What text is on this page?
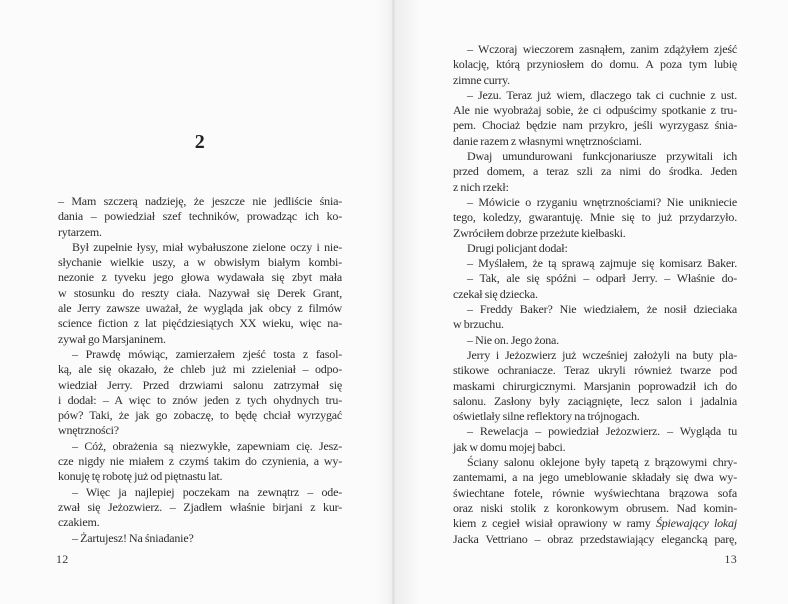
2
– Mam szczerą nadzieję, że jeszcze nie jedliście śnia-
dania – powiedział szef techników, prowadząc ich ko-
rytarzem.
Był zupełnie łysy, miał wybałuszone zielone oczy i nie-
słychanie wielkie uszy, a w obwisłym białym kombi-
nezonie z tyveku jego głowa wydawała się zbyt mała
w stosunku do reszty ciała. Nazywał się Derek Grant,
ale Jerry zawsze uważał, że wygląda jak obcy z filmów
science fiction z lat pięćdziesiątych XX wieku, więc na-
zywał go Marsjaninem.
– Prawdę mówiąc, zamierzałem zjeść tosta z fasol-
ką, ale się okazało, że chleb już mi zzieleniał – odpo-
wiedział Jerry. Przed drzwiami salonu zatrzymał się
i dodał: – A więc to znów jeden z tych ohydnych tru-
pów? Taki, że jak go zobaczę, to będę chciał wyrzygać
wnętrzności?
– Cóż, obrażenia są niezwykłe, zapewniam cię. Jesz-
cze nigdy nie miałem z czymś takim do czynienia, a wy-
konuję tę robotę już od piętnastu lat.
– Więc ja najlepiej poczekam na zewnątrz – ode-
zwał się Jeżozwierz. – Zjadłem właśnie birjani z kur-
czakiem.
– Żartujesz! Na śniadanie?
– Wczoraj wieczorem zasnąłem, zanim zdążyłem zjeść
kolację, którą przyniosłem do domu. A poza tym lubię
zimne curry.
– Jezu. Teraz już wiem, dlaczego tak ci cuchnie z ust.
Ale nie wyobrażaj sobie, że ci odpuścimy spotkanie z tru-
pem. Chociaż będzie nam przykro, jeśli wyrzygasz śnia-
danie razem z własnymi wnętrznościami.
Dwaj umundurowani funkcjonariusze przywitali ich
przed domem, a teraz szli za nimi do środka. Jeden
z nich rzekł:
– Mówicie o rzyganiu wnętrznościami? Nie unikniecie
tego, koledzy, gwarantuję. Mnie się to już przydarzyło.
Zwróciłem dobrze przeżute kiełbaski.
Drugi policjant dodał:
– Myślałem, że tą sprawą zajmuje się komisarz Baker.
– Tak, ale się spóźni – odparł Jerry. – Właśnie do-
czekał się dziecka.
– Freddy Baker? Nie wiedziałem, że nosił dzieciaka
w brzuchu.
– Nie on. Jego żona.
Jerry i Jeżozwierz już wcześniej założyli na buty pla-
stikowe ochraniacze. Teraz ukryli również twarze pod
maskami chirurgicznymi. Marsjanin poprowadził ich do
salonu. Zasłony były zaciągnięte, lecz salon i jadalnia
oświetlały silne reflektory na trójnogach.
– Rewelacja – powiedział Jeżozwierz. – Wygląda tu
jak w domu mojej babci.
Ściany salonu oklejone były tapetą z brązowymi chry-
zantemami, a na jego umeblowanie składały się dwa wy-
świechtane fotele, równie wyświechtana brązowa sofa
oraz niski stolik z koronkowym obrusem. Nad komin-
kiem z cegieł wisiał oprawiony w ramy Śpiewający lokaj
Jacka Vettriano – obraz przedstawiający elegancką parę,
12	13
